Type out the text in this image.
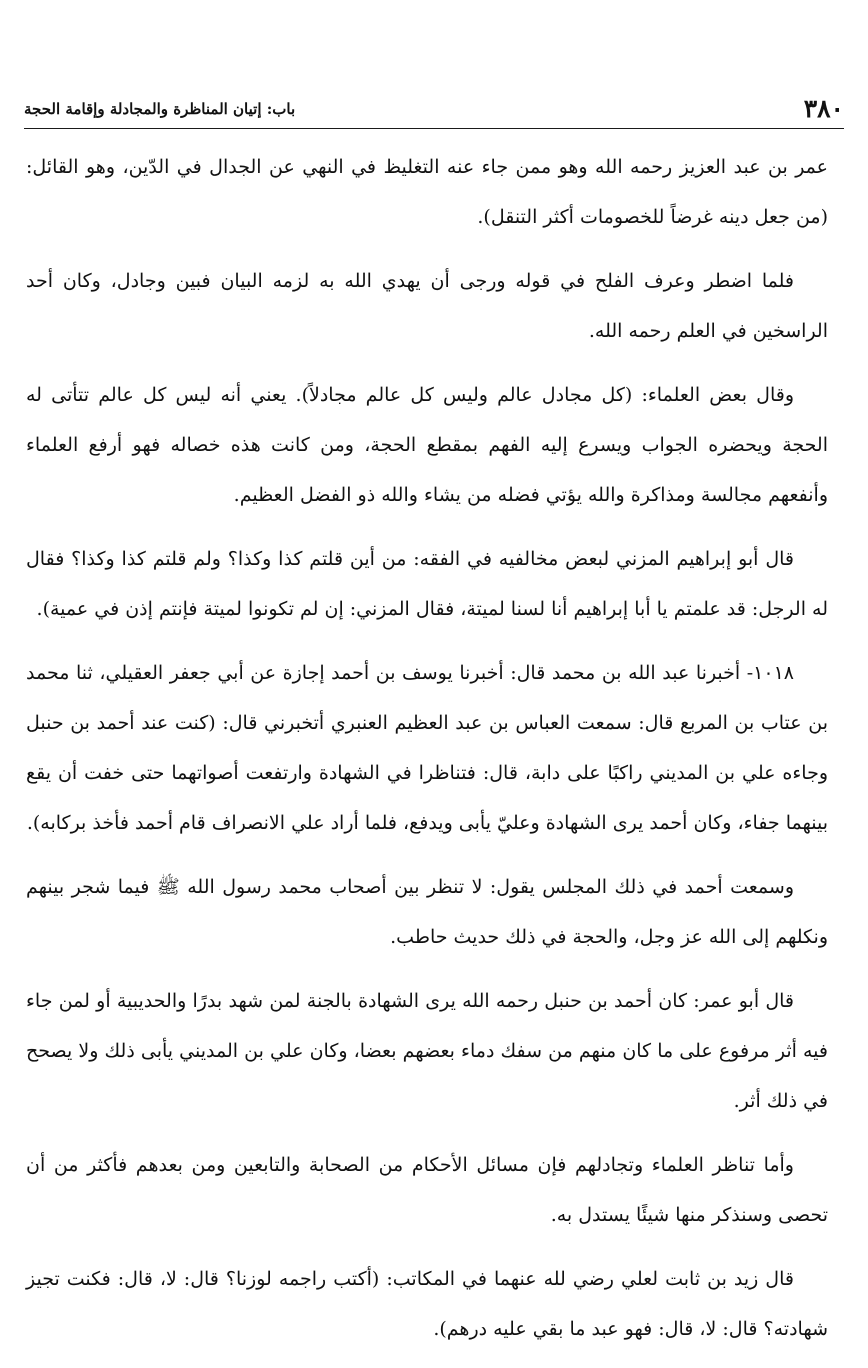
٣٨٠
باب: إتيان المناظرة والمجادلة وإقامة الحجة

عمر بن عبد العزيز رحمه الله وهو ممن جاء عنه التغليظ في النهي عن الجدال في الدّين، وهو القائل: (من جعل دينه غرضاً للخصومات أكثر التنقل).

فلما اضطر وعرف الفلح في قوله ورجى أن يهدي الله به لزمه البيان فبين وجادل، وكان أحد الراسخين في العلم رحمه الله.

وقال بعض العلماء: (كل مجادل عالم وليس كل عالم مجادلاً). يعني أنه ليس كل عالم تتأتى له الحجة ويحضره الجواب ويسرع إليه الفهم بمقطع الحجة، ومن كانت هذه خصاله فهو أرفع العلماء وأنفعهم مجالسة ومذاكرة والله يؤتي فضله من يشاء والله ذو الفضل العظيم.

قال أبو إبراهيم المزني لبعض مخالفيه في الفقه: من أين قلتم كذا وكذا؟ ولم قلتم كذا وكذا؟ فقال له الرجل: قد علمتم يا أبا إبراهيم أنا لسنا لميتة، فقال المزني: إن لم تكونوا لميتة فإنتم إذن في عمية).

١٠١٨- أخبرنا عبد الله بن محمد قال: أخبرنا يوسف بن أحمد إجازة عن أبي جعفر العقيلي، ثنا محمد بن عتاب بن المربع قال: سمعت العباس بن عبد العظيم العنبري أتخبرني قال: (كنت عند أحمد بن حنبل وجاءه علي بن المديني راكبًا على دابة، قال: فتناظرا في الشهادة وارتفعت أصواتهما حتى خفت أن يقع بينهما جفاء، وكان أحمد يرى الشهادة وعليّ يأبى ويدفع، فلما أراد علي الانصراف قام أحمد فأخذ بركابه).

وسمعت أحمد في ذلك المجلس يقول: لا تنظر بين أصحاب محمد رسول الله ﷺ فيما شجر بينهم ونكلهم إلى الله عز وجل، والحجة في ذلك حديث حاطب.

قال أبو عمر: كان أحمد بن حنبل رحمه الله يرى الشهادة بالجنة لمن شهد بدرًا والحديبية أو لمن جاء فيه أثر مرفوع على ما كان منهم من سفك دماء بعضهم بعضا، وكان علي بن المديني يأبى ذلك ولا يصحح في ذلك أثر.

وأما تناظر العلماء وتجادلهم فإن مسائل الأحكام من الصحابة والتابعين ومن بعدهم فأكثر من أن تحصى وسنذكر منها شيئًا يستدل به.

قال زيد بن ثابت لعلي رضي لله عنهما في المكاتب: (أكتب راجمه لوزنا؟ قال: لا، قال: فكنت تجيز شهادته؟ قال: لا، قال: فهو عبد ما بقي عليه درهم).
